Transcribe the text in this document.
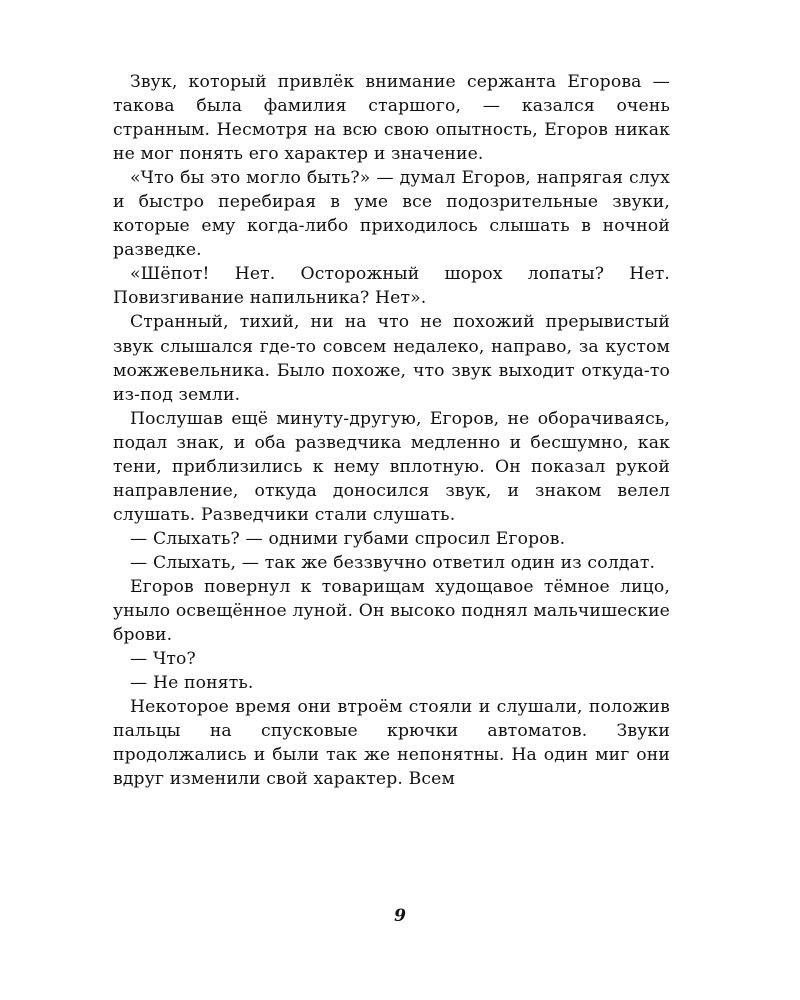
Звук, который привлёк внимание сержанта Егорова — такова была фамилия старшого, — казался очень странным. Несмотря на всю свою опытность, Егоров никак не мог понять его характер и значение.

«Что бы это могло быть?» — думал Егоров, напрягая слух и быстро перебирая в уме все подозрительные звуки, которые ему когда-либо приходилось слышать в ночной разведке.

«Шёпот! Нет. Осторожный шорох лопаты? Нет. Повизгивание напильника? Нет».

Странный, тихий, ни на что не похожий прерывистый звук слышался где-то совсем недалеко, направо, за кустом можжевельника. Было похоже, что звук выходит откуда-то из-под земли.

Послушав ещё минуту-другую, Егоров, не оборачиваясь, подал знак, и оба разведчика медленно и бесшумно, как тени, приблизились к нему вплотную. Он показал рукой направление, откуда доносился звук, и знаком велел слушать. Разведчики стали слушать.

— Слыхать? — одними губами спросил Егоров.

— Слыхать, — так же беззвучно ответил один из солдат.

Егоров повернул к товарищам худощавое тёмное лицо, уныло освещённое луной. Он высоко поднял мальчишеские брови.

— Что?

— Не понять.

Некоторое время они втроём стояли и слушали, положив пальцы на спусковые крючки автоматов. Звуки продолжались и были так же непонятны. На один миг они вдруг изменили свой характер. Всем

9
